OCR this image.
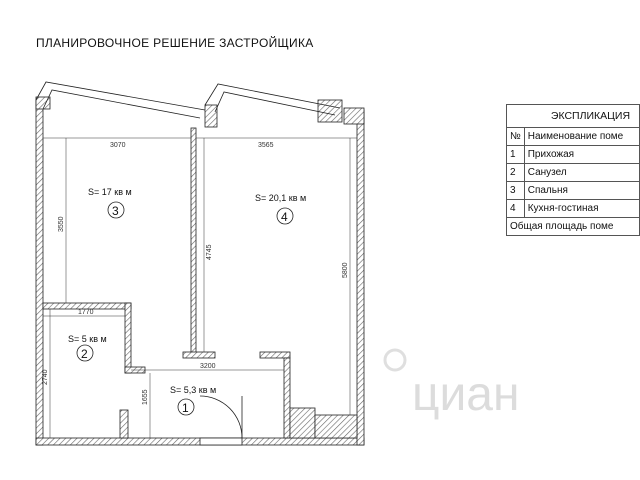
ПЛАНИРОВОЧНОЕ РЕШЕНИЕ ЗАСТРОЙЩИКА
циан
3070	3565
3550
4745
5800
1770
2740
3200
1655
S= 17 кв м
3
S= 20,1 кв м
4
S= 5 кв м
2
S= 5,3 кв м
1
ЭКСПЛИКАЦИЯ	
№	Наименование поме
1	Прихожая
2	Санузел
3	Спальня
4	Кухня-гостиная
Общая площадь поме	
